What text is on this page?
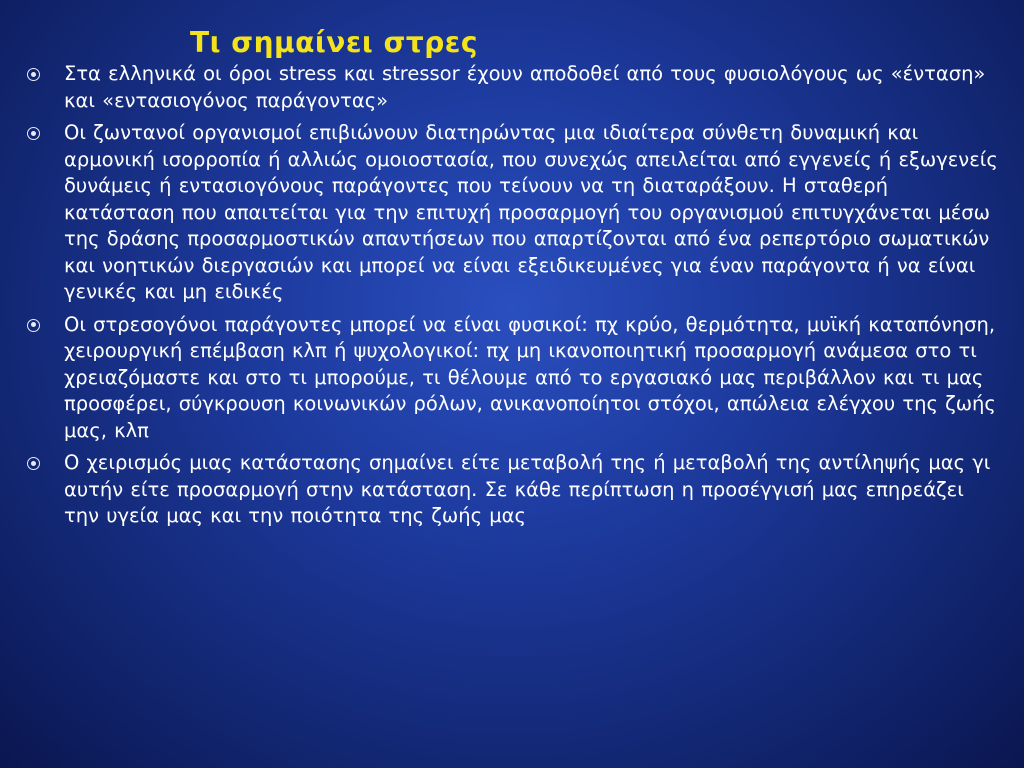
Τι σημαίνει στρες
Στα ελληνικά οι όροι stress και stressor έχουν αποδοθεί από τους φυσιολόγους ως «ένταση» και «εντασιογόνος παράγοντας»
Οι ζωντανοί οργανισμοί επιβιώνουν διατηρώντας μια ιδιαίτερα σύνθετη δυναμική και αρμονική ισορροπία ή αλλιώς ομοιοστασία, που συνεχώς απειλείται από εγγενείς ή εξωγενείς δυνάμεις ή εντασιογόνους παράγοντες που τείνουν να τη διαταράξουν. Η σταθερή κατάσταση που απαιτείται για την επιτυχή προσαρμογή του οργανισμού επιτυγχάνεται μέσω της δράσης προσαρμοστικών απαντήσεων που απαρτίζονται από ένα ρεπερτόριο σωματικών και νοητικών διεργασιών και μπορεί να είναι εξειδικευμένες για έναν παράγοντα ή να είναι γενικές και μη ειδικές
Οι στρεσογόνοι παράγοντες μπορεί να είναι φυσικοί: πχ κρύο, θερμότητα, μυϊκή καταπόνηση, χειρουργική επέμβαση κλπ ή ψυχολογικοί: πχ μη ικανοποιητική προσαρμογή ανάμεσα στο τι χρειαζόμαστε και στο τι μπορούμε, τι θέλουμε από το εργασιακό μας περιβάλλον και τι μας προσφέρει, σύγκρουση κοινωνικών ρόλων, ανικανοποίητοι στόχοι, απώλεια ελέγχου της ζωής μας, κλπ
Ο χειρισμός μιας κατάστασης σημαίνει είτε μεταβολή της ή μεταβολή της αντίληψής μας γι αυτήν είτε προσαρμογή στην κατάσταση. Σε κάθε περίπτωση η προσέγγισή μας επηρεάζει την υγεία μας και την ποιότητα της ζωής μας
